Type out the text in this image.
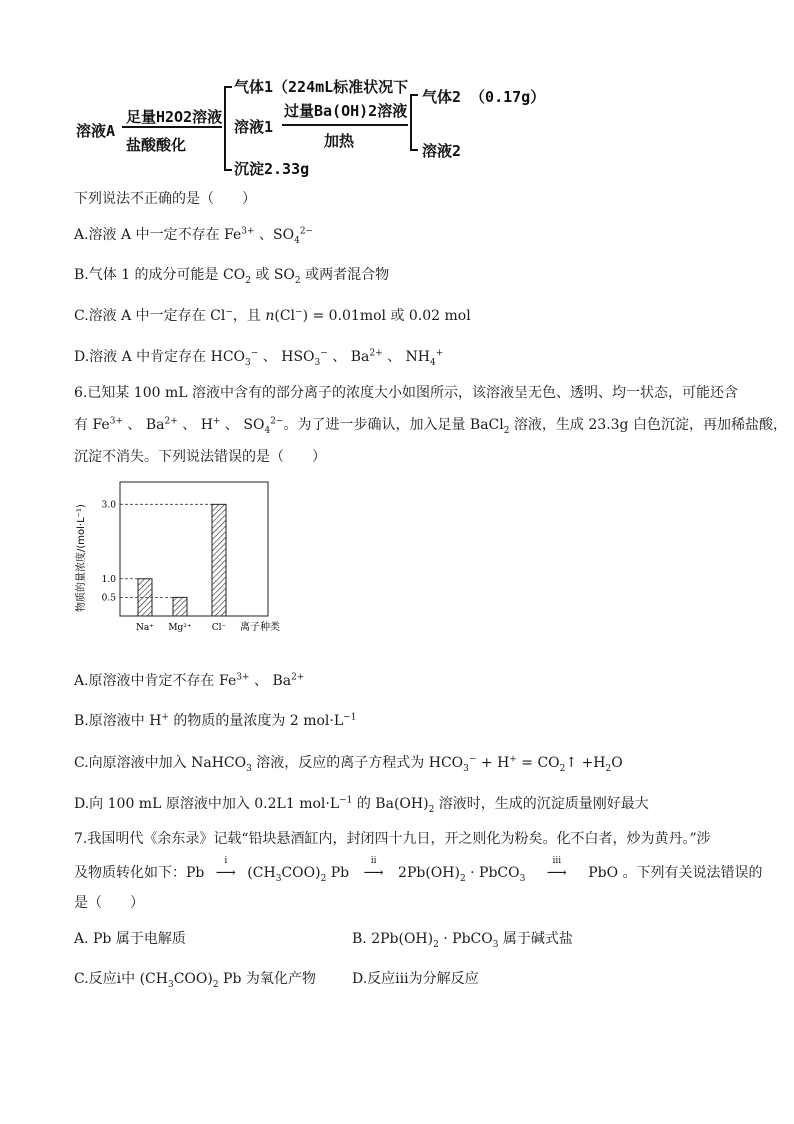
溶液A
足量H2O2溶液
盐酸酸化
气体1（224mL标准状况下
溶液1
沉淀2.33g
过量Ba(OH)2溶液
加热
气体2 （0.17g）
溶液2
下列说法不正确的是（　　）
A.溶液 A 中一定不存在 $Fe^{3+}$ 、$SO_4^{2-}$
B.气体 1 的成分可能是 $CO_2$ 或 $SO_2$ 或两者混合物
C.溶液 A 中一定存在 Cl−，且 n(Cl−) = 0.01mol 或 0.02 mol
D.溶液 A 中肯定存在 $HCO_3^-$ 、 $HSO_3^-$ 、 $Ba^{2+}$ 、 $NH_4^+$
6.已知某 100 mL 溶液中含有的部分离子的浓度大小如图所示，该溶液呈无色、透明、均一状态，可能还含
有 $Fe^{3+}$ 、 $Ba^{2+}$ 、 H+ 、 $SO_4^{2-}$。为了进一步确认，加入足量 BaCl$_2$ 溶液，生成 23.3g 白色沉淀，再加稀盐酸，
沉淀不消失。下列说法错误的是（　　）
物质的量浓度/(mol·L⁻¹)
Na⁺ Mg²⁺ Cl⁻
0.5
1.0
3.0
离子种类
A.原溶液中肯定不存在 $Fe^{3+}$ 、 $Ba^{2+}$
B.原溶液中 H+ 的物质的量浓度为 2 $mol\cdot L^{-1}$
C.向原溶液中加入 NaHCO$_3$ 溶液，反应的离子方程式为 $HCO_3^- + H^+$ = $CO_2↑ +H_2O$
D.向 100 mL 原溶液中加入 0.2L1 $mol\cdot L^{-1}$ 的 $Ba(OH)_2$ 溶液时，生成的沉淀质量刚好最大
7.我国明代《余东录》记载“铅块悬酒缸内，封闭四十九日，开之则化为粉矣。化不白者，炒为黄丹。”涉
及物质转化如下：Pb
i
⟶ $(CH_3COO)_2$ Pb
ii
⟶ $2Pb(OH)_2$ · PbCO$_3$
iii
⟶ PbO 。下列有关说法错误的
是（　　）
A. Pb 属于电解质	B. $2Pb(OH)_2$ · PbCO$_3$ 属于碱式盐
C.反应i中 $(CH_3COO)_2$ Pb 为氧化产物	D.反应iii为分解反应
